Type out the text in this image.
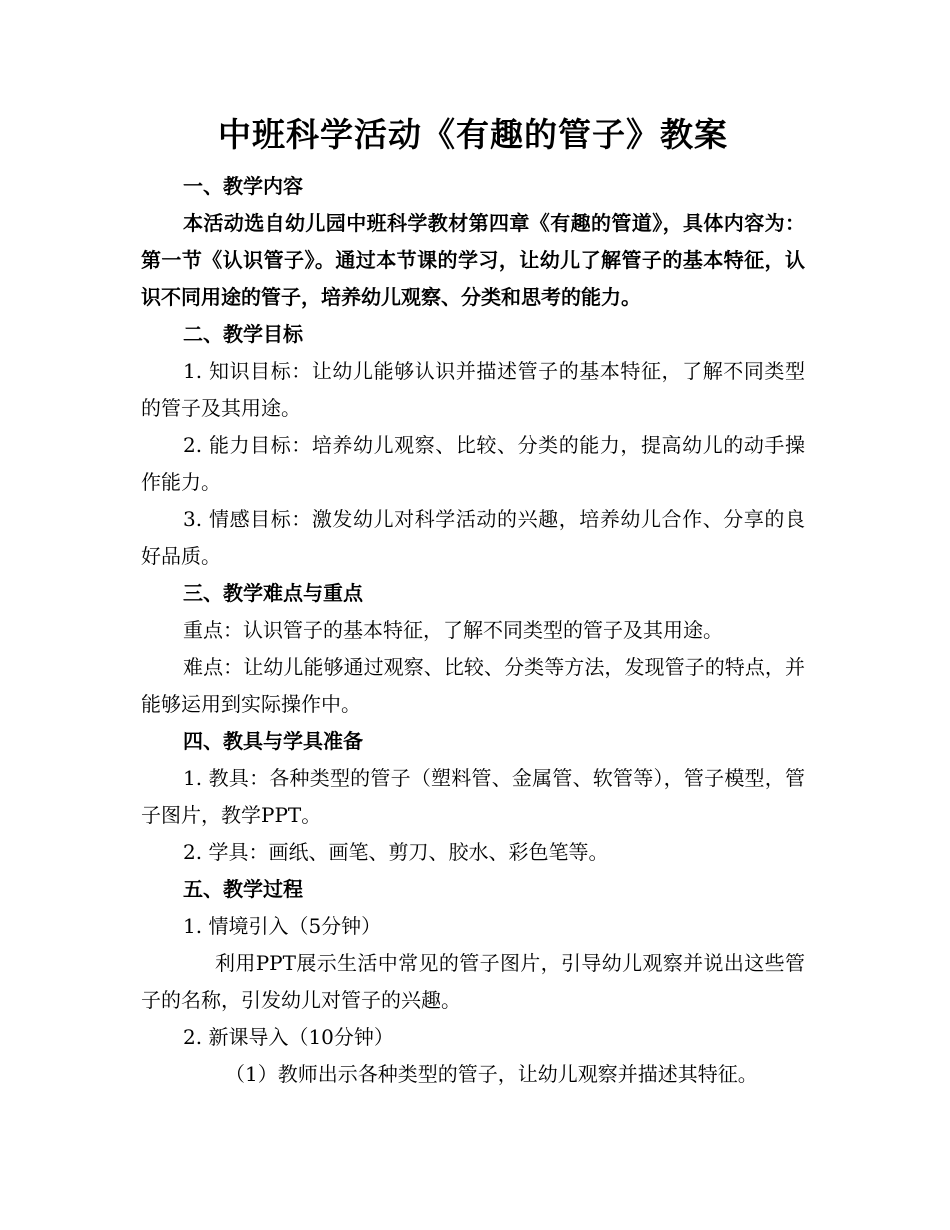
中班科学活动《有趣的管子》教案

一、教学内容

本活动选自幼儿园中班科学教材第四章《有趣的管道》，具体内容为：第一节《认识管子》。通过本节课的学习，让幼儿了解管子的基本特征，认识不同用途的管子，培养幼儿观察、分类和思考的能力。

二、教学目标

1. 知识目标：让幼儿能够认识并描述管子的基本特征，了解不同类型的管子及其用途。

2. 能力目标：培养幼儿观察、比较、分类的能力，提高幼儿的动手操作能力。

3. 情感目标：激发幼儿对科学活动的兴趣，培养幼儿合作、分享的良好品质。

三、教学难点与重点

重点：认识管子的基本特征，了解不同类型的管子及其用途。

难点：让幼儿能够通过观察、比较、分类等方法，发现管子的特点，并能够运用到实际操作中。

四、教具与学具准备

1. 教具：各种类型的管子（塑料管、金属管、软管等），管子模型，管子图片，教学PPT。

2. 学具：画纸、画笔、剪刀、胶水、彩色笔等。

五、教学过程

1. 情境引入（5分钟）

利用PPT展示生活中常见的管子图片，引导幼儿观察并说出这些管子的名称，引发幼儿对管子的兴趣。

2. 新课导入（10分钟）

（1）教师出示各种类型的管子，让幼儿观察并描述其特征。
